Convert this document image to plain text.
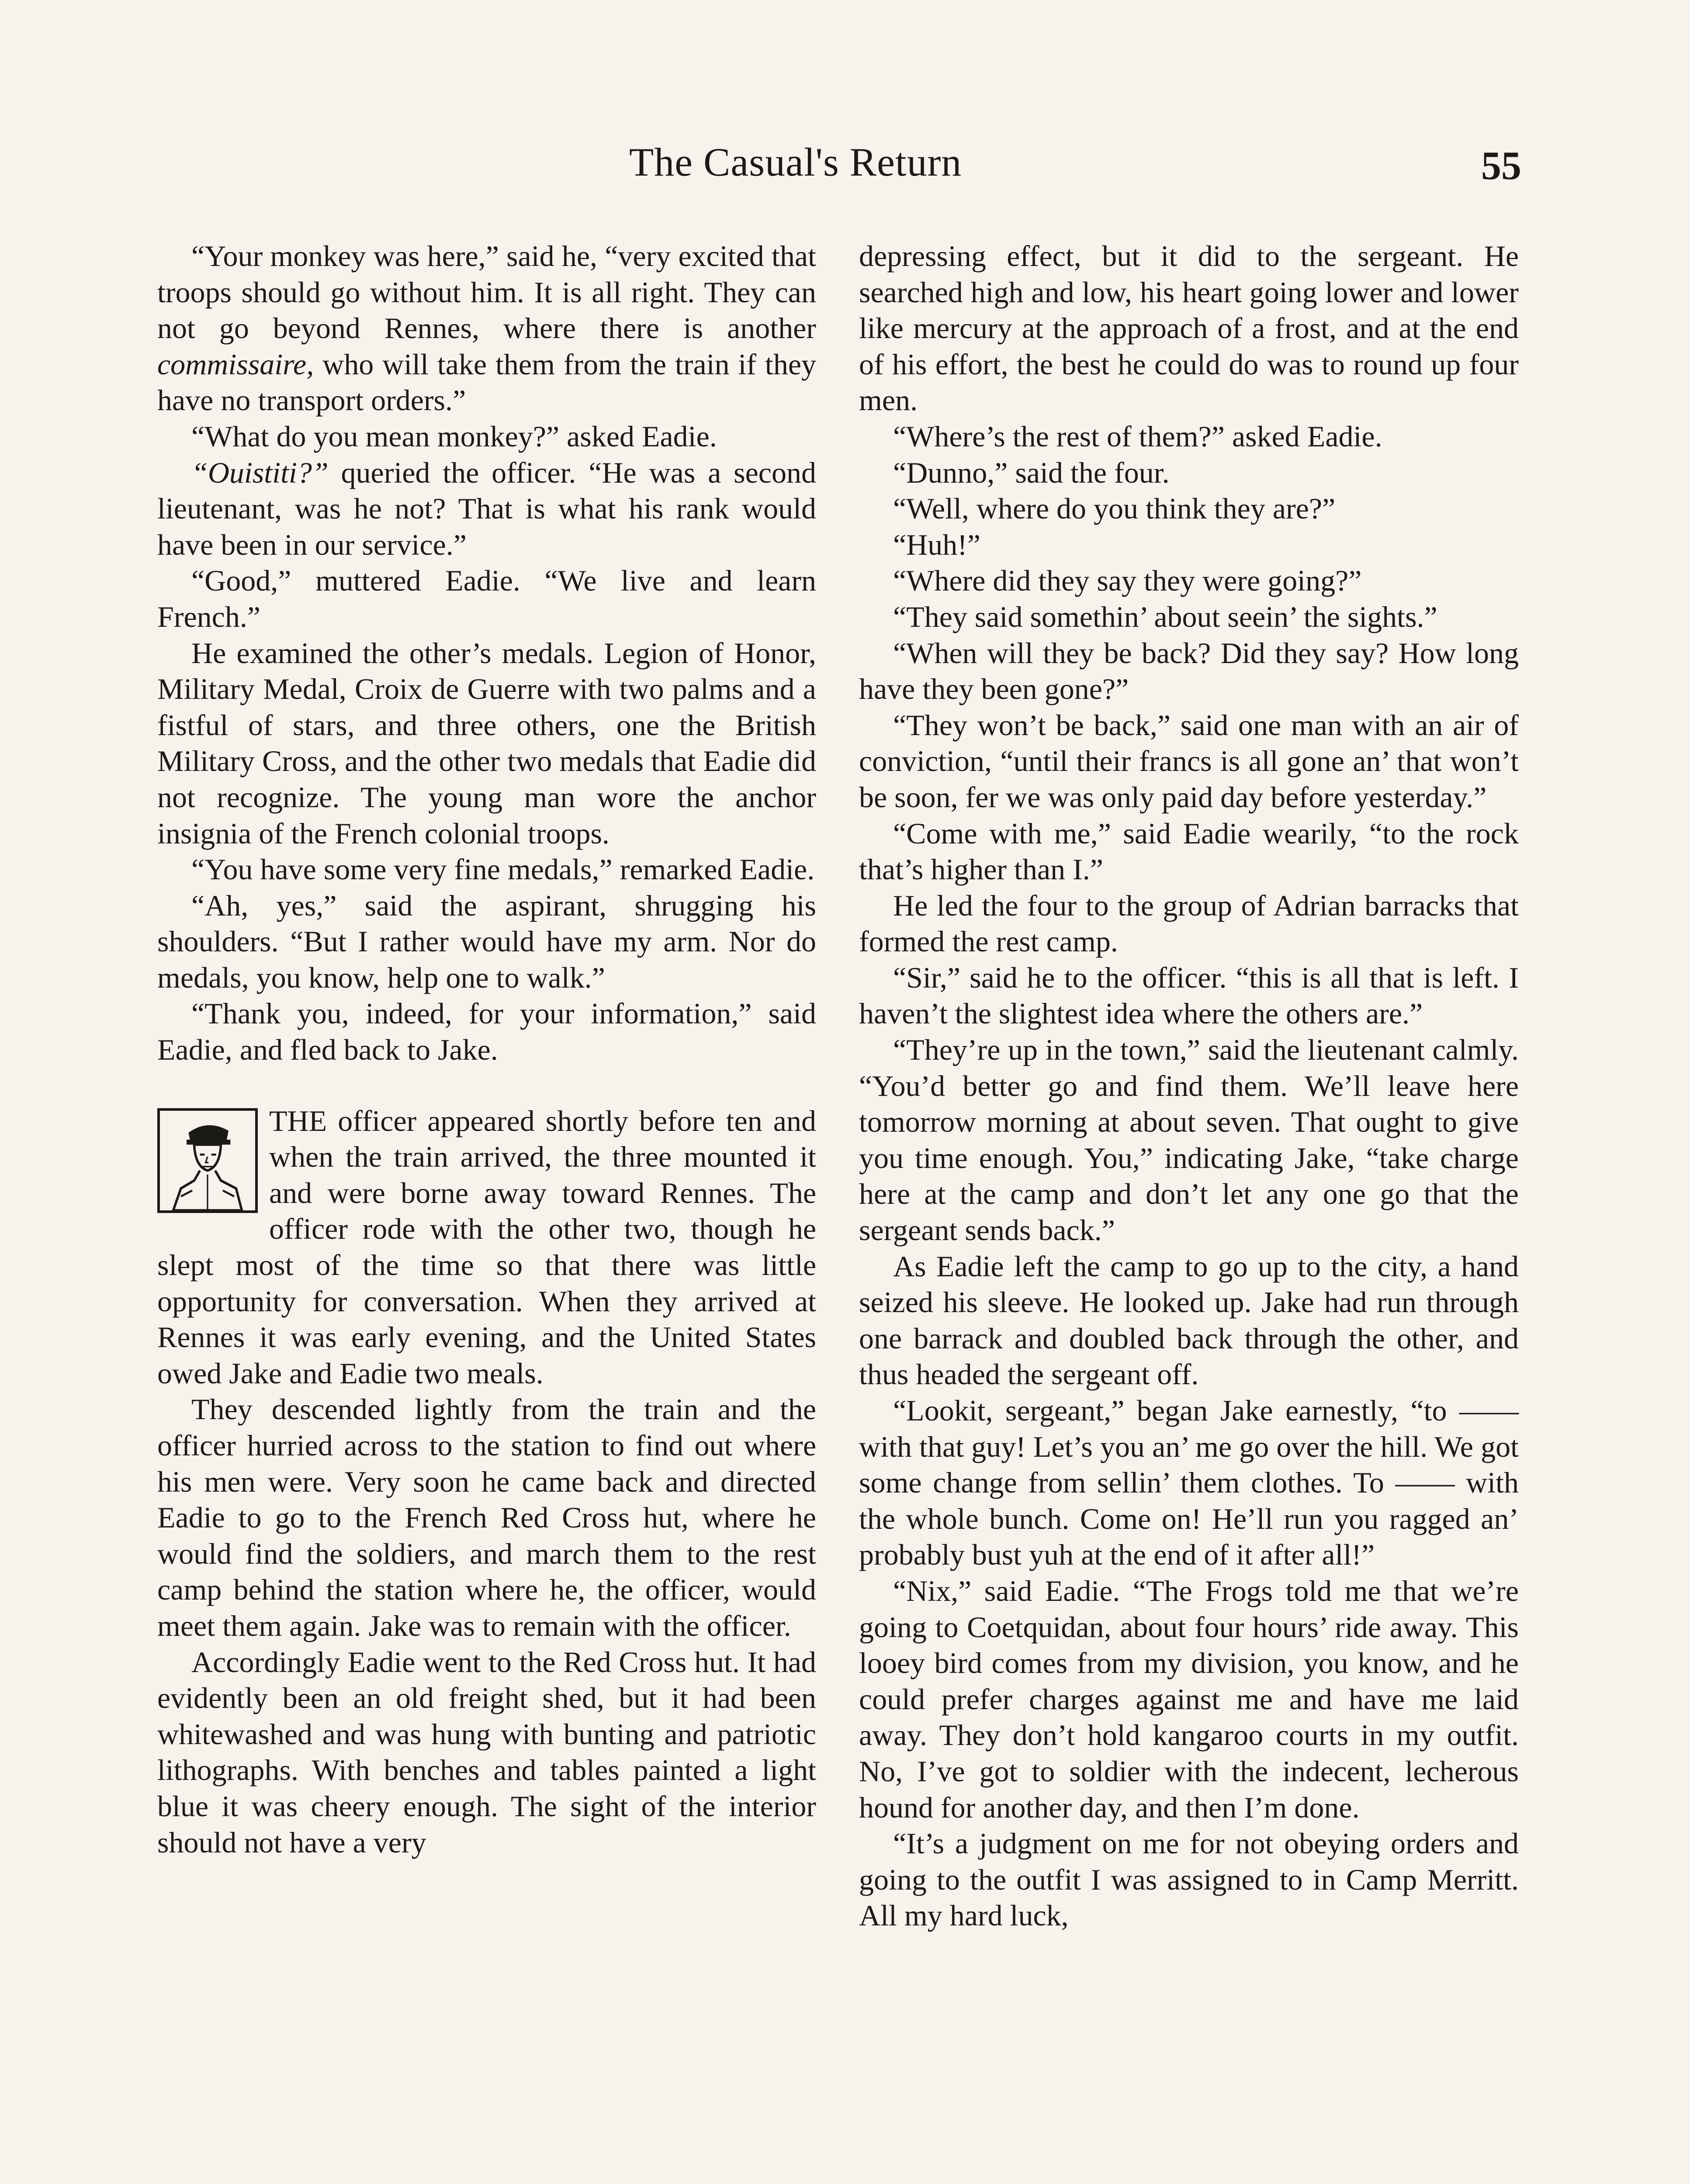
The Casual's Return	55

“Your monkey was here,” said he, “very excited that troops should go without him. It is all right. They can not go beyond Rennes, where there is another commissaire, who will take them from the train if they have no transport orders.”

“What do you mean monkey?” asked Eadie.

“Ouistiti?” queried the officer. “He was a second lieutenant, was he not? That is what his rank would have been in our service.”

“Good,” muttered Eadie. “We live and learn French.”

He examined the other’s medals. Legion of Honor, Military Medal, Croix de Guerre with two palms and a fistful of stars, and three others, one the British Military Cross, and the other two medals that Eadie did not recognize. The young man wore the anchor insignia of the French colonial troops.

“You have some very fine medals,” remarked Eadie.

“Ah, yes,” said the aspirant, shrugging his shoulders. “But I rather would have my arm. Nor do medals, you know, help one to walk.”

“Thank you, indeed, for your information,” said Eadie, and fled back to Jake.

THE officer appeared shortly before ten and when the train arrived, the three mounted it and were borne away toward Rennes. The officer rode with the other two, though he slept most of the time so that there was little opportunity for conversation. When they arrived at Rennes it was early evening, and the United States owed Jake and Eadie two meals.

They descended lightly from the train and the officer hurried across to the station to find out where his men were. Very soon he came back and directed Eadie to go to the French Red Cross hut, where he would find the soldiers, and march them to the rest camp behind the station where he, the officer, would meet them again. Jake was to remain with the officer.

Accordingly Eadie went to the Red Cross hut. It had evidently been an old freight shed, but it had been whitewashed and was hung with bunting and patriotic lithographs. With benches and tables painted a light blue it was cheery enough. The sight of the interior should not have a very

depressing effect, but it did to the sergeant. He searched high and low, his heart going lower and lower like mercury at the approach of a frost, and at the end of his effort, the best he could do was to round up four men.

“Where’s the rest of them?” asked Eadie.

“Dunno,” said the four.

“Well, where do you think they are?”

“Huh!”

“Where did they say they were going?”

“They said somethin’ about seein’ the sights.”

“When will they be back? Did they say? How long have they been gone?”

“They won’t be back,” said one man with an air of conviction, “until their francs is all gone an’ that won’t be soon, fer we was only paid day before yesterday.”

“Come with me,” said Eadie wearily, “to the rock that’s higher than I.”

He led the four to the group of Adrian barracks that formed the rest camp.

“Sir,” said he to the officer. “this is all that is left. I haven’t the slightest idea where the others are.”

“They’re up in the town,” said the lieutenant calmly. “You’d better go and find them. We’ll leave here tomorrow morning at about seven. That ought to give you time enough. You,” indicating Jake, “take charge here at the camp and don’t let any one go that the sergeant sends back.”

As Eadie left the camp to go up to the city, a hand seized his sleeve. He looked up. Jake had run through one barrack and doubled back through the other, and thus headed the sergeant off.

“Lookit, sergeant,” began Jake earnestly, “to —— with that guy! Let’s you an’ me go over the hill. We got some change from sellin’ them clothes. To —— with the whole bunch. Come on! He’ll run you ragged an’ probably bust yuh at the end of it after all!”

“Nix,” said Eadie. “The Frogs told me that we’re going to Coetquidan, about four hours’ ride away. This looey bird comes from my division, you know, and he could prefer charges against me and have me laid away. They don’t hold kangaroo courts in my outfit. No, I’ve got to soldier with the indecent, lecherous hound for another day, and then I’m done.

“It’s a judgment on me for not obeying orders and going to the outfit I was assigned to in Camp Merritt. All my hard luck,
